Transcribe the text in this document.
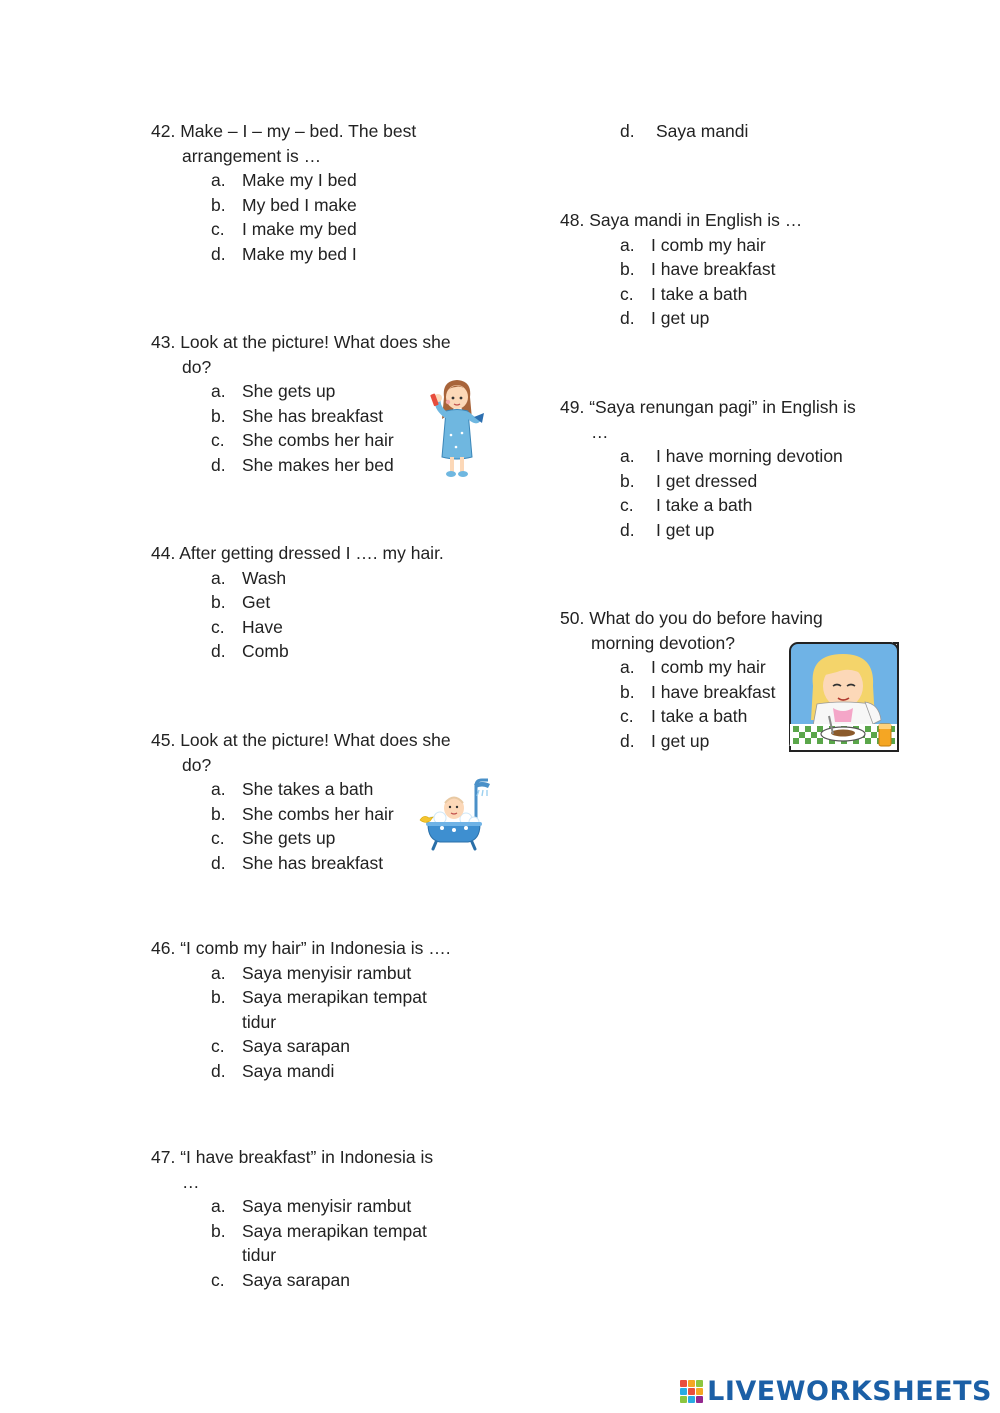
42. Make – I – my – bed. The best
arrangement is …
a. Make my I bed
b. My bed I make
c. I make my bed
d. Make my bed I
43. Look at the picture! What does she
do?
a. She gets up
b. She has breakfast
c. She combs her hair
d. She makes her bed
44. After getting dressed I …. my hair.
a. Wash
b. Get
c. Have
d. Comb
45. Look at the picture! What does she
do?
a. She takes a bath
b. She combs her hair
c. She gets up
d. She has breakfast
46. “I comb my hair” in Indonesia is ….
a. Saya menyisir rambut
b. Saya merapikan tempat tidur
c. Saya sarapan
d. Saya mandi
47. “I have breakfast” in Indonesia is
…
a. Saya menyisir rambut
b. Saya merapikan tempat tidur
c. Saya sarapan
d.	Saya mandi
48. Saya mandi in English is …
a. I comb my hair
b. I have breakfast
c. I take a bath
d. I get up
49. “Saya renungan pagi” in English is
…
a.	I have morning devotion
b.	I get dressed
c.	I take a bath
d.	I get up
50. What do you do before having
morning devotion?
a. I comb my hair
b. I have breakfast
c. I take a bath
d. I get up
LIVEWORKSHEETS
